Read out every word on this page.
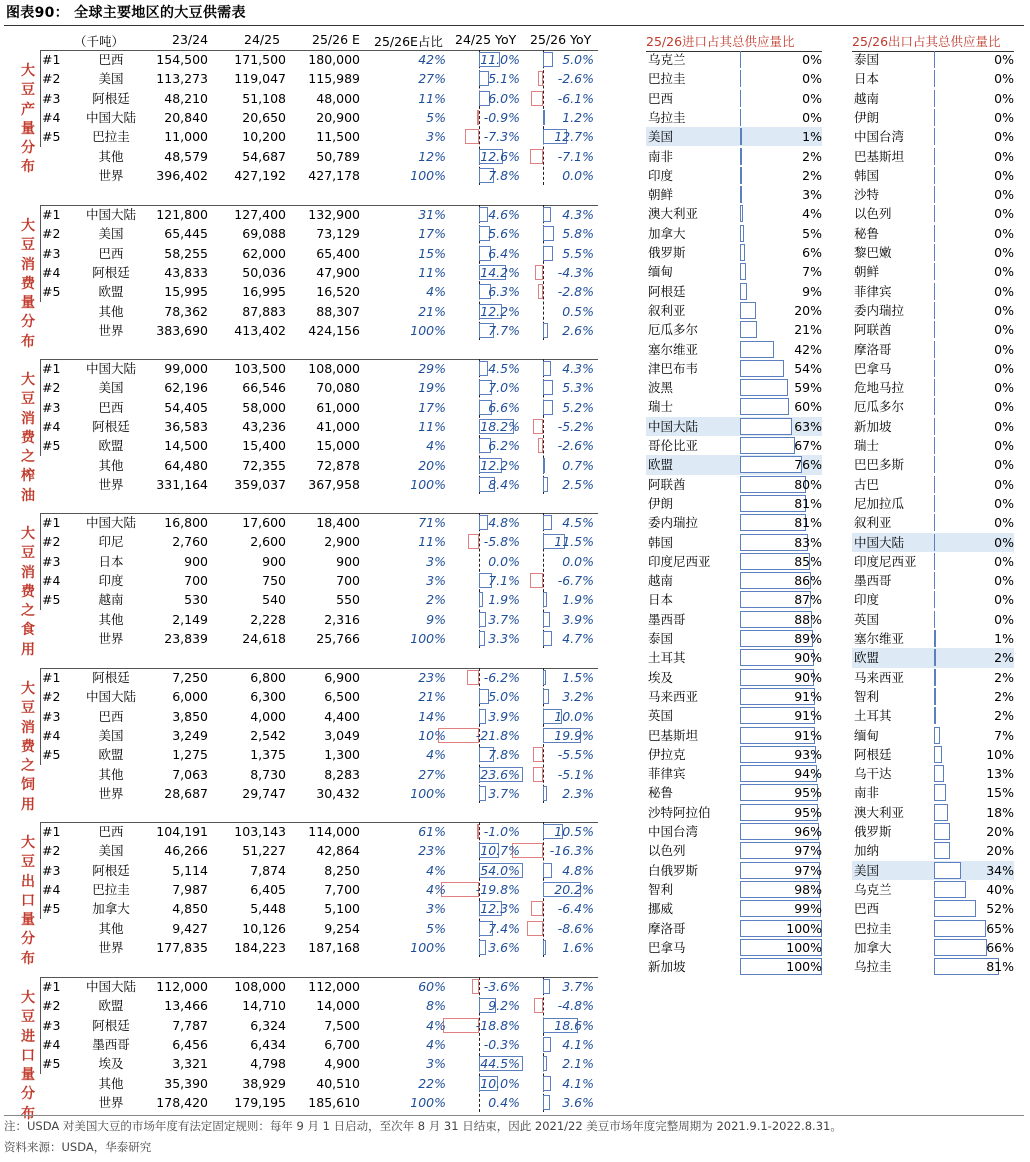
图表90： 全球主要地区的大豆供需表
（千吨）	23/24	24/25	25/26 E 25/26E占比 24/25 YoY 25/26 YoY
大
豆
产
量
分
布
#1	巴西	154,500	171,500	180,000	42%	11.0%	5.0%
#2	美国	113,273	119,047	115,989	27%	5.1%	-2.6%
#3	阿根廷	48,210	51,108	48,000	11%	6.0%	-6.1%
#4	中国大陆	20,840	20,650	20,900	5%	-0.9%	1.2%
#5	巴拉圭	11,000	10,200	11,500	3%	-7.3%	12.7%
其他	48,579	54,687	50,789	12%	12.6%	-7.1%
世界	396,402	427,192	427,178	100%	7.8%	0.0%
大
豆
消
费
量
分
布
#1	中国大陆	121,800	127,400	132,900	31%	4.6%	4.3%
#2	美国	65,445	69,088	73,129	17%	5.6%	5.8%
#3	巴西	58,255	62,000	65,400	15%	6.4%	5.5%
#4	阿根廷	43,833	50,036	47,900	11%	14.2%	-4.3%
#5	欧盟	15,995	16,995	16,520	4%	6.3%	-2.8%
其他	78,362	87,883	88,307	21%	12.2%	0.5%
世界	383,690	413,402	424,156	100%	7.7%	2.6%
大
豆
消
费
之
榨
油
#1	中国大陆	99,000	103,500	108,000	29%	4.5%	4.3%
#2	美国	62,196	66,546	70,080	19%	7.0%	5.3%
#3	巴西	54,405	58,000	61,000	17%	6.6%	5.2%
#4	阿根廷	36,583	43,236	41,000	11%	18.2%	-5.2%
#5	欧盟	14,500	15,400	15,000	4%	6.2%	-2.6%
其他	64,480	72,355	72,878	20%	12.2%	0.7%
世界	331,164	359,037	367,958	100%	8.4%	2.5%
大
豆
消
费
之
食
用
#1	中国大陆	16,800	17,600	18,400	71%	4.8%	4.5%
#2	印尼	2,760	2,600	2,900	11%	-5.8%	11.5%
#3	日本	900	900	900	3%	0.0%	0.0%
#4	印度	700	750	700	3%	7.1%	-6.7%
#5	越南	530	540	550	2%	1.9%	1.9%
其他	2,149	2,228	2,316	9%	3.7%	3.9%
世界	23,839	24,618	25,766	100%	3.3%	4.7%
大
豆
消
费
之
饲
用
#1	阿根廷	7,250	6,800	6,900	23%	-6.2%	1.5%
#2	中国大陆	6,000	6,300	6,500	21%	5.0%	3.2%
#3	巴西	3,850	4,000	4,400	14%	3.9%	10.0%
#4	美国	3,249	2,542	3,049	10%	-21.8%	19.9%
#5	欧盟	1,275	1,375	1,300	4%	7.8%	-5.5%
其他	7,063	8,730	8,283	27%	23.6%	-5.1%
世界	28,687	29,747	30,432	100%	3.7%	2.3%
大
豆
出
口
量
分
布
#1	巴西	104,191	103,143	114,000	61%	-1.0%	10.5%
#2	美国	46,266	51,227	42,864	23%	10.7%	-16.3%
#3	阿根廷	5,114	7,874	8,250	4%	54.0%	4.8%
#4	巴拉圭	7,987	6,405	7,700	4%	-19.8%	20.2%
#5	加拿大	4,850	5,448	5,100	3%	12.3%	-6.4%
其他	9,427	10,126	9,254	5%	7.4%	-8.6%
世界	177,835	184,223	187,168	100%	3.6%	1.6%
大
豆
进
口
量
分
布
#1	中国大陆	112,000	108,000	112,000	60%	-3.6%	3.7%
#2	欧盟	13,466	14,710	14,000	8%	9.2%	-4.8%
#3	阿根廷	7,787	6,324	7,500	4%	-18.8%	18.6%
#4	墨西哥	6,456	6,434	6,700	4%	-0.3%	4.1%
#5	埃及	3,321	4,798	4,900	3%	44.5%	2.1%
其他	35,390	38,929	40,510	22%	10.0%	4.1%
世界	178,420	179,195	185,610	100%	0.4%	3.6%
25/26进口占其总供应量比	25/26出口占其总供应量比
乌克兰	0%
巴拉圭	0%
巴西	0%
乌拉圭	0%
美国	1%
南非	2%
印度	2%
朝鲜	3%
澳大利亚	4%
加拿大	5%
俄罗斯	6%
缅甸	7%
阿根廷	9%
叙利亚	20%
厄瓜多尔	21%
塞尔维亚	42%
津巴布韦	54%
波黑	59%
瑞士	60%
中国大陆	63%
哥伦比亚	67%
欧盟	76%
阿联酋	80%
伊朗	81%
委内瑞拉	81%
韩国	83%
印度尼西亚	85%
越南	86%
日本	87%
墨西哥	88%
泰国	89%
土耳其	90%
埃及	90%
马来西亚	91%
英国	91%
巴基斯坦	91%
伊拉克	93%
菲律宾	94%
秘鲁	95%
沙特阿拉伯	95%
中国台湾	96%
以色列	97%
白俄罗斯	97%
智利	98%
挪威	99%
摩洛哥	100%
巴拿马	100%
新加坡	100%
泰国	0%
日本	0%
越南	0%
伊朗	0%
中国台湾	0%
巴基斯坦	0%
韩国	0%
沙特	0%
以色列	0%
秘鲁	0%
黎巴嫩	0%
朝鲜	0%
菲律宾	0%
委内瑞拉	0%
阿联酋	0%
摩洛哥	0%
巴拿马	0%
危地马拉	0%
厄瓜多尔	0%
新加坡	0%
瑞士	0%
巴巴多斯	0%
古巴	0%
尼加拉瓜	0%
叙利亚	0%
中国大陆	0%
印度尼西亚	0%
墨西哥	0%
印度	0%
英国	0%
塞尔维亚	1%
欧盟	2%
马来西亚	2%
智利	2%
土耳其	2%
缅甸	7%
阿根廷	10%
乌干达	13%
南非	15%
澳大利亚	18%
俄罗斯	20%
加纳	20%
美国	34%
乌克兰	40%
巴西	52%
巴拉圭	65%
加拿大	66%
乌拉圭	81%
注：USDA 对美国大豆的市场年度有法定固定规则：每年 9 月 1 日启动，至次年 8 月 31 日结束，因此 2021/22 美豆市场年度完整周期为 2021.9.1-2022.8.31。
资料来源：USDA，华泰研究
